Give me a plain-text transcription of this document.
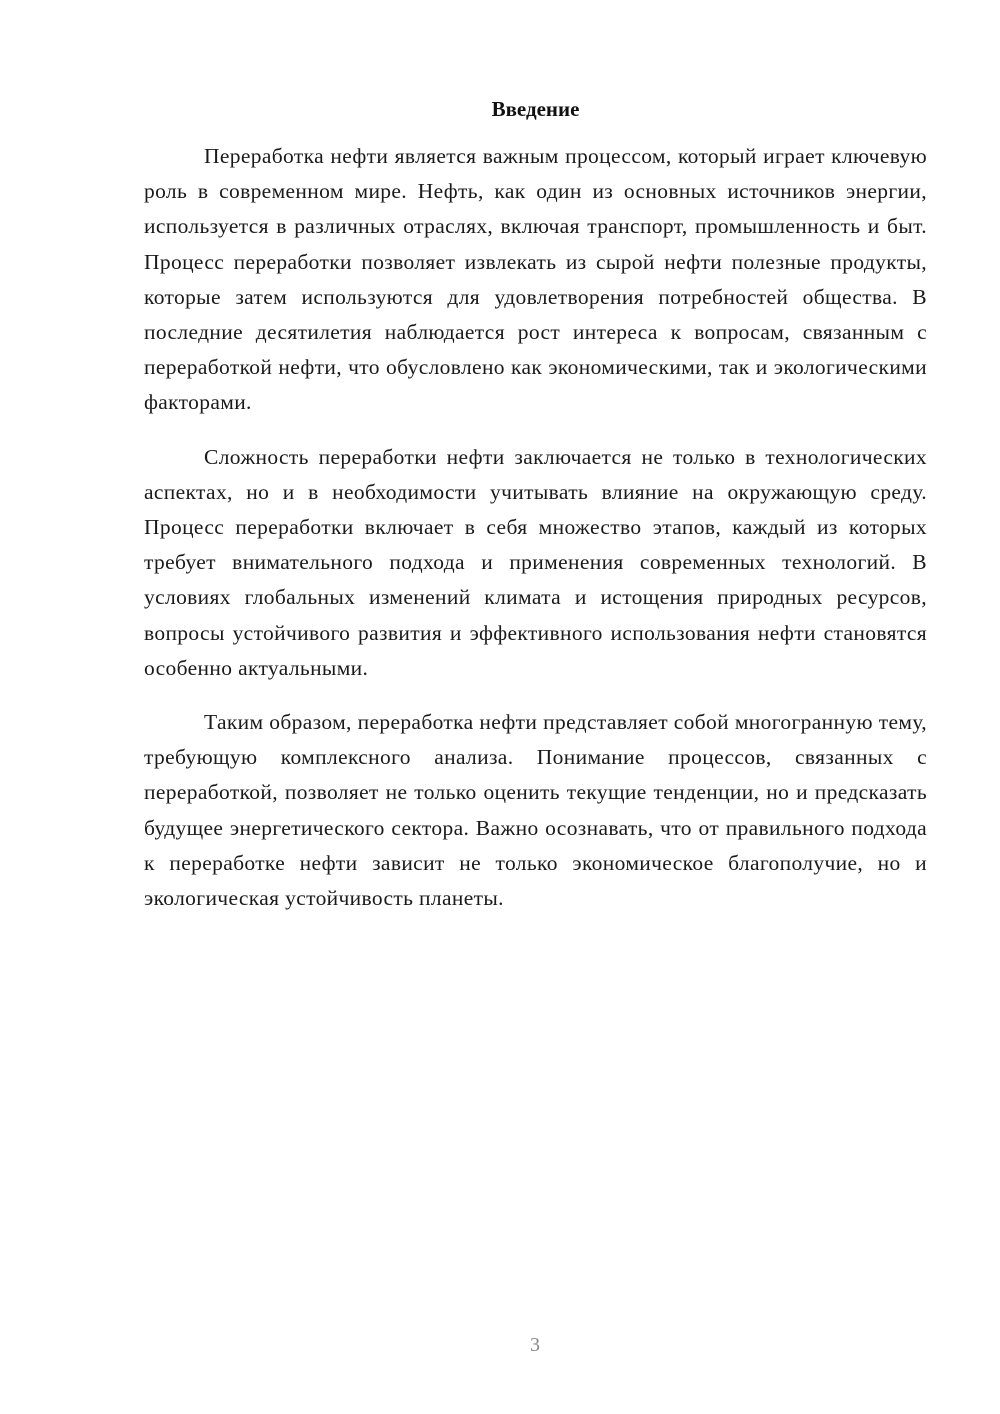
Введение

Переработка нефти является важным процессом, который играет ключевую роль в современном мире. Нефть, как один из основных источников энергии, используется в различных отраслях, включая транспорт, промышленность и быт. Процесс переработки позволяет извлекать из сырой нефти полезные продукты, которые затем используются для удовлетворения потребностей общества. В последние десятилетия наблюдается рост интереса к вопросам, связанным с переработкой нефти, что обусловлено как экономическими, так и экологическими факторами.

Сложность переработки нефти заключается не только в технологических аспектах, но и в необходимости учитывать влияние на окружающую среду. Процесс переработки включает в себя множество этапов, каждый из которых требует внимательного подхода и применения современных технологий. В условиях глобальных изменений климата и истощения природных ресурсов, вопросы устойчивого развития и эффективного использования нефти становятся особенно актуальными.

Таким образом, переработка нефти представляет собой многогранную тему, требующую комплексного анализа. Понимание процессов, связанных с переработкой, позволяет не только оценить текущие тенденции, но и предсказать будущее энергетического сектора. Важно осознавать, что от правильного подхода к переработке нефти зависит не только экономическое благополучие, но и экологическая устойчивость планеты.

3
